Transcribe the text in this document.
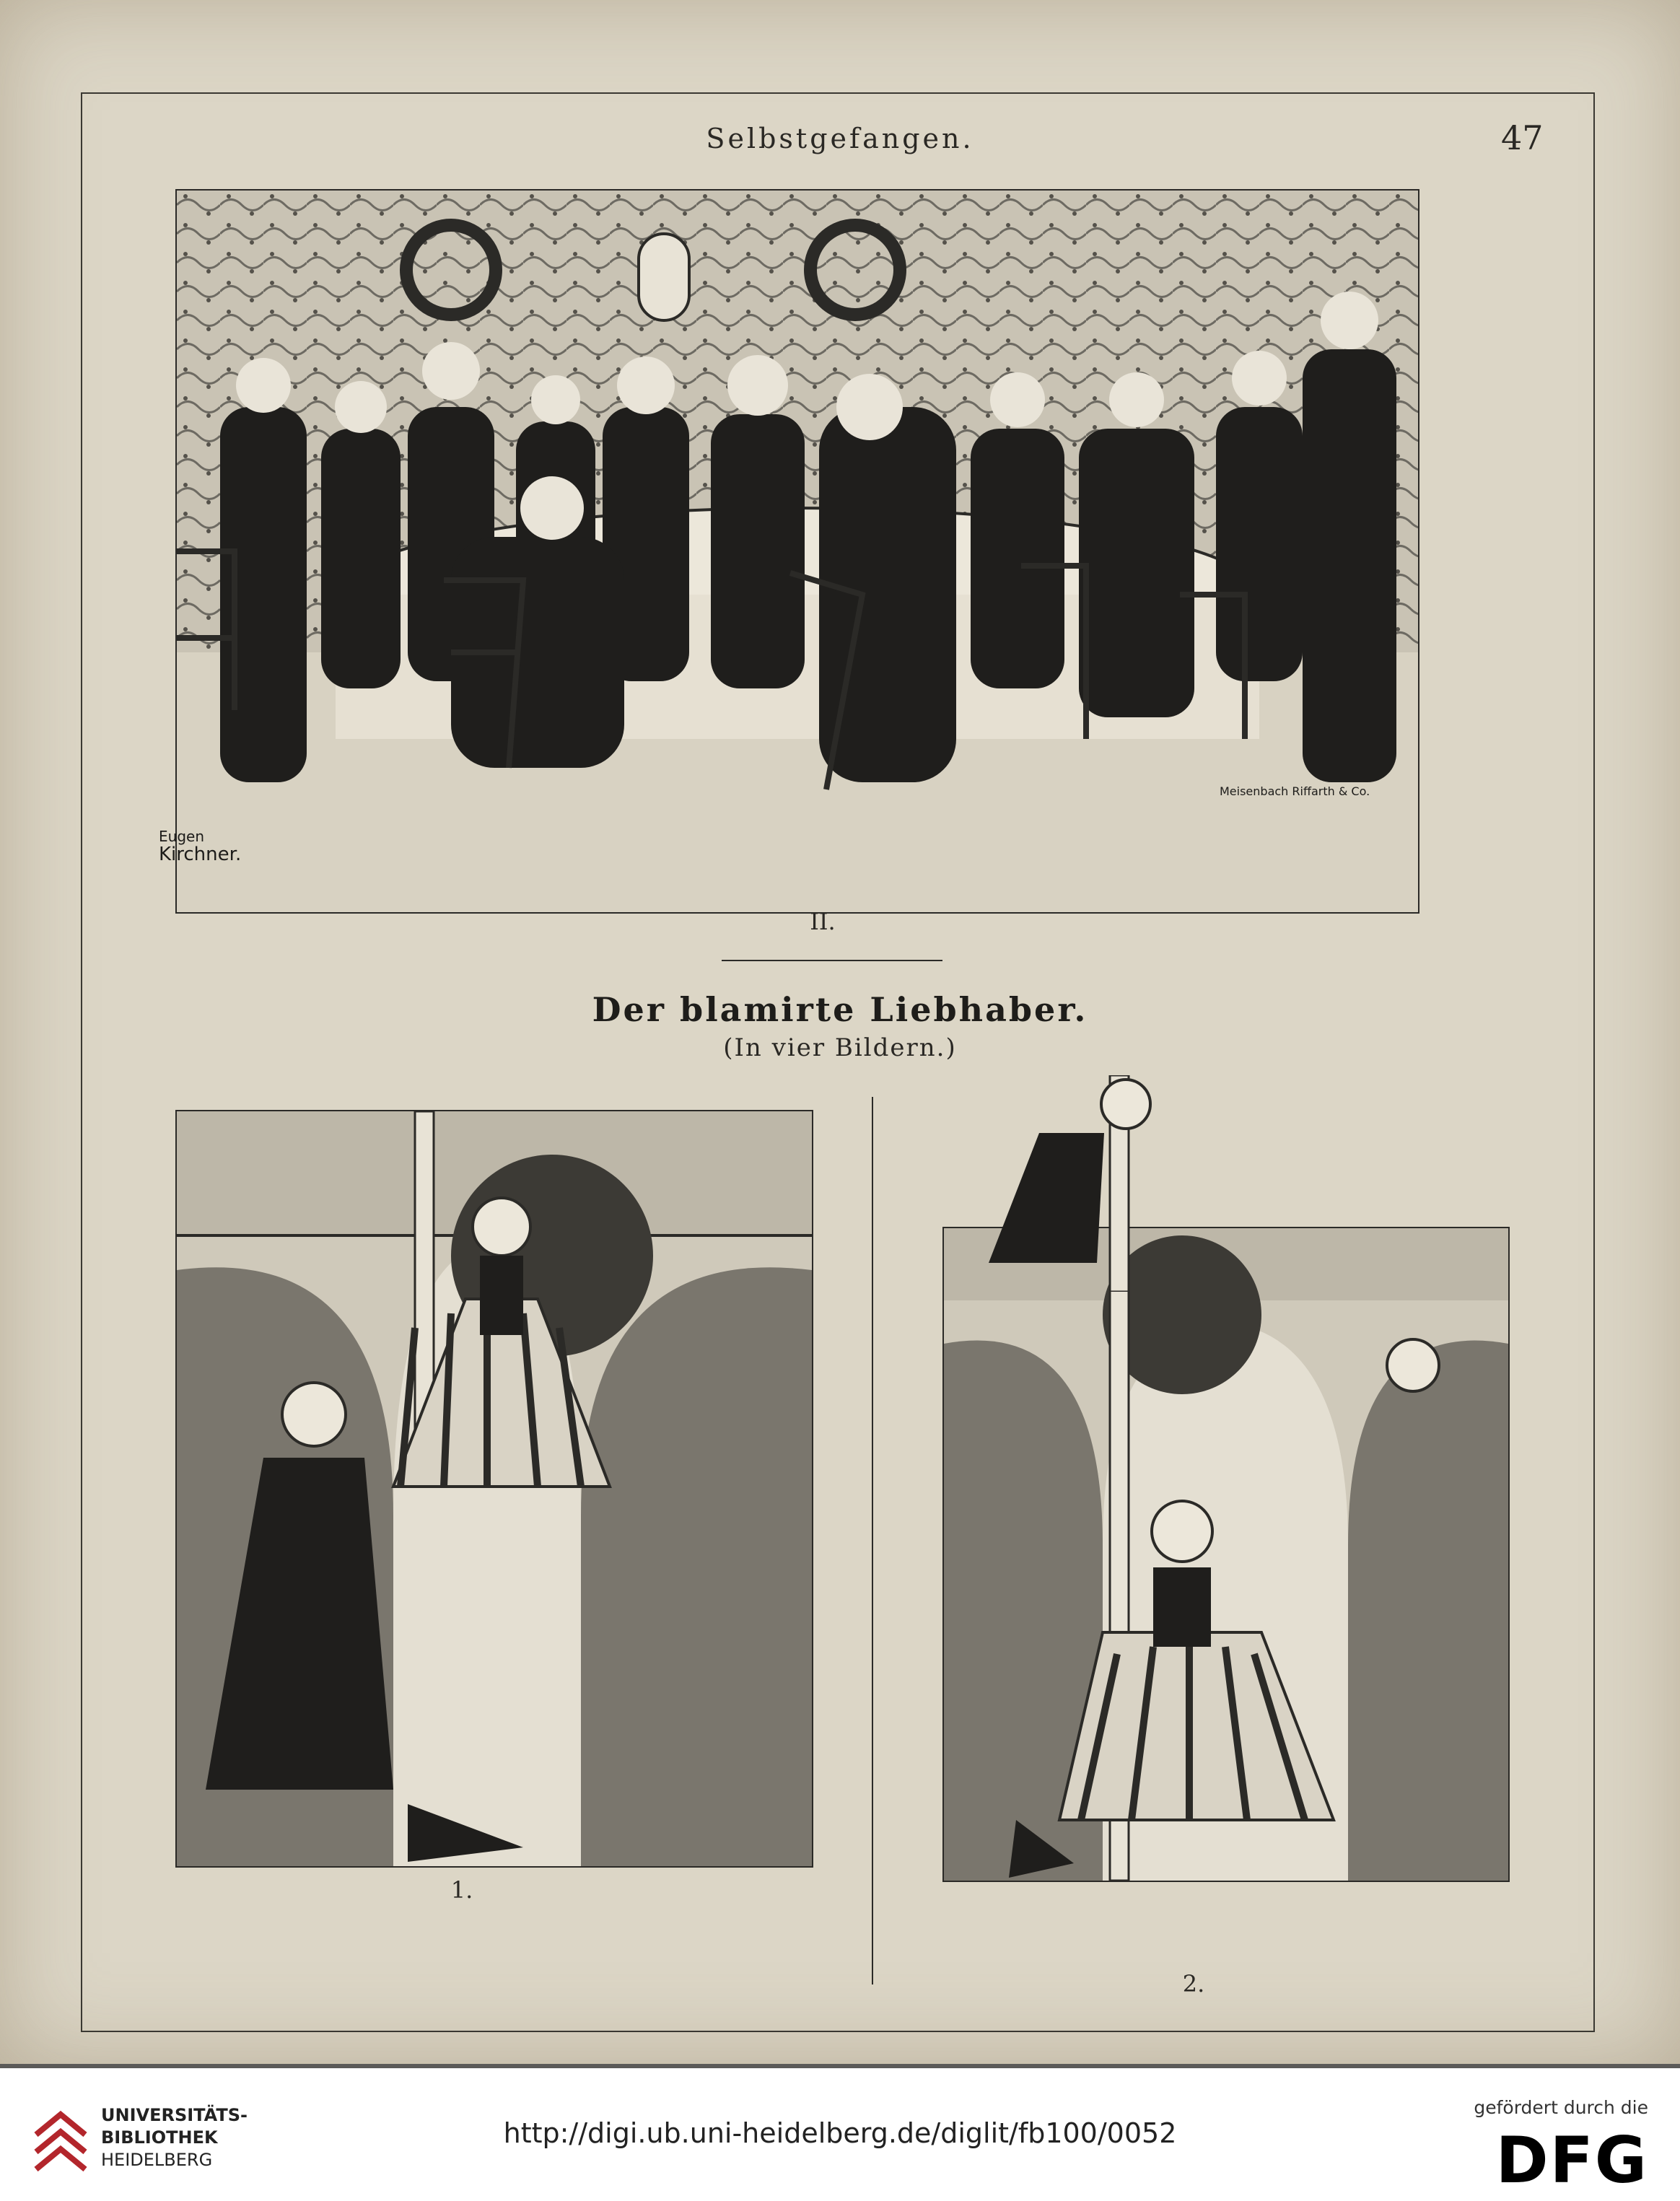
Selbstgefangen.	47
Eugen
Kirchner.
Meisenbach Riffarth & Co.
II.
Der blamirte Liebhaber.
(In vier Bildern.)
1.
2.
UNIVERSITÄTS-
BIBLIOTHEK
HEIDELBERG
http://digi.ub.uni-heidelberg.de/diglit/fb100/0052
gefördert durch die
DFG
